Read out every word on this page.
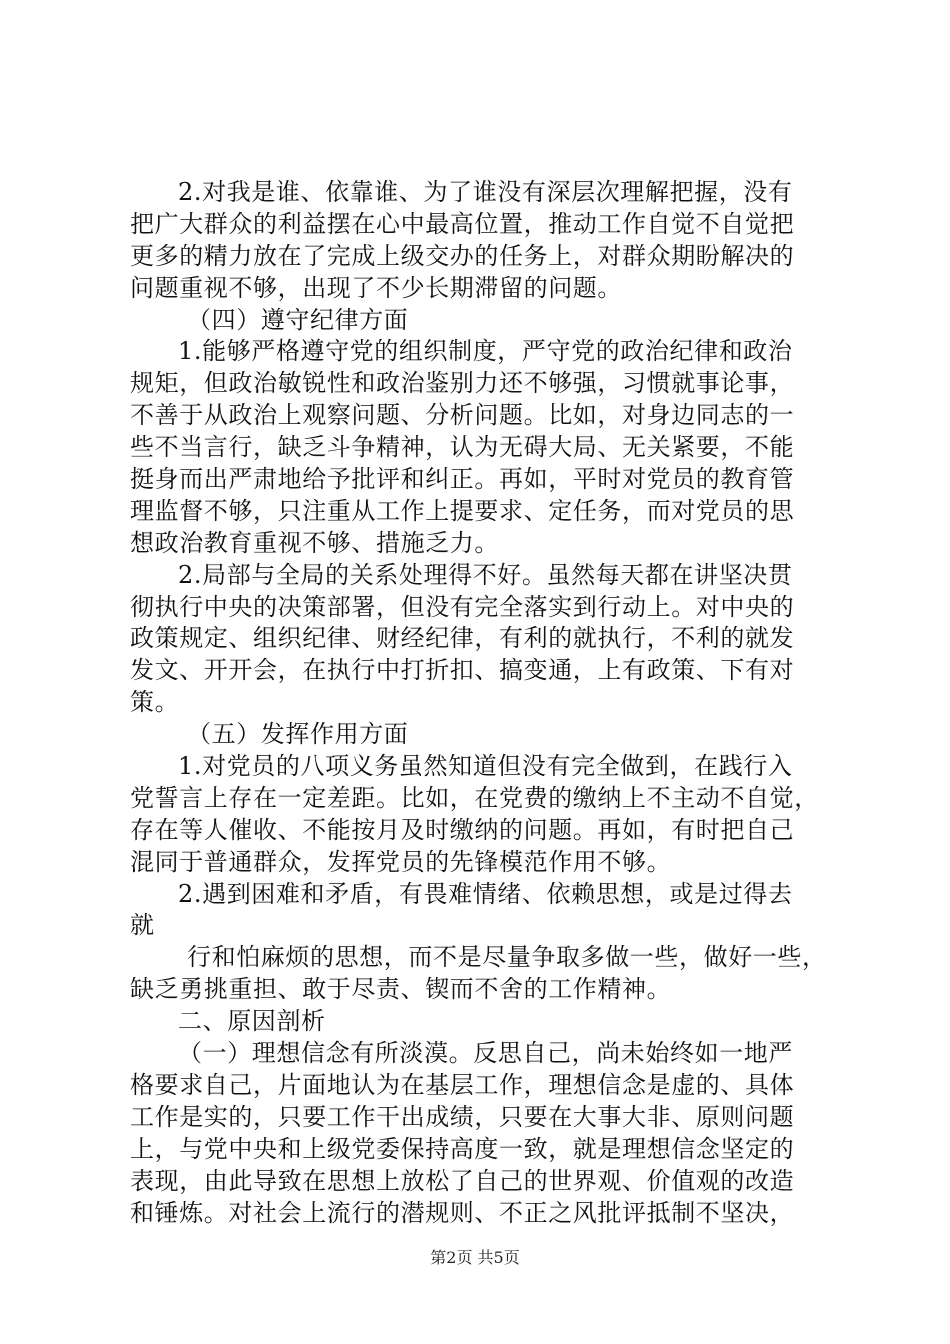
2.对我是谁、依靠谁、为了谁没有深层次理解把握，没有
把广大群众的利益摆在心中最高位置，推动工作自觉不自觉把
更多的精力放在了完成上级交办的任务上，对群众期盼解决的
问题重视不够，出现了不少长期滞留的问题。
（四）遵守纪律方面
1.能够严格遵守党的组织制度，严守党的政治纪律和政治
规矩，但政治敏锐性和政治鉴别力还不够强，习惯就事论事，
不善于从政治上观察问题、分析问题。比如，对身边同志的一
些不当言行，缺乏斗争精神，认为无碍大局、无关紧要，不能
挺身而出严肃地给予批评和纠正。再如，平时对党员的教育管
理监督不够，只注重从工作上提要求、定任务，而对党员的思
想政治教育重视不够、措施乏力。
2.局部与全局的关系处理得不好。虽然每天都在讲坚决贯
彻执行中央的决策部署，但没有完全落实到行动上。对中央的
政策规定、组织纪律、财经纪律，有利的就执行，不利的就发
发文、开开会，在执行中打折扣、搞变通，上有政策、下有对
策。
（五）发挥作用方面
1.对党员的八项义务虽然知道但没有完全做到，在践行入
党誓言上存在一定差距。比如，在党费的缴纳上不主动不自觉，
存在等人催收、不能按月及时缴纳的问题。再如，有时把自己
混同于普通群众，发挥党员的先锋模范作用不够。
2.遇到困难和矛盾，有畏难情绪、依赖思想，或是过得去
就
行和怕麻烦的思想，而不是尽量争取多做一些，做好一些，
缺乏勇挑重担、敢于尽责、锲而不舍的工作精神。
二、原因剖析
（一）理想信念有所淡漠。反思自己，尚未始终如一地严
格要求自己，片面地认为在基层工作，理想信念是虚的、具体
工作是实的，只要工作干出成绩，只要在大事大非、原则问题
上，与党中央和上级党委保持高度一致，就是理想信念坚定的
表现，由此导致在思想上放松了自己的世界观、价值观的改造
和锤炼。对社会上流行的潜规则、不正之风批评抵制不坚决，
第2页 共5页
